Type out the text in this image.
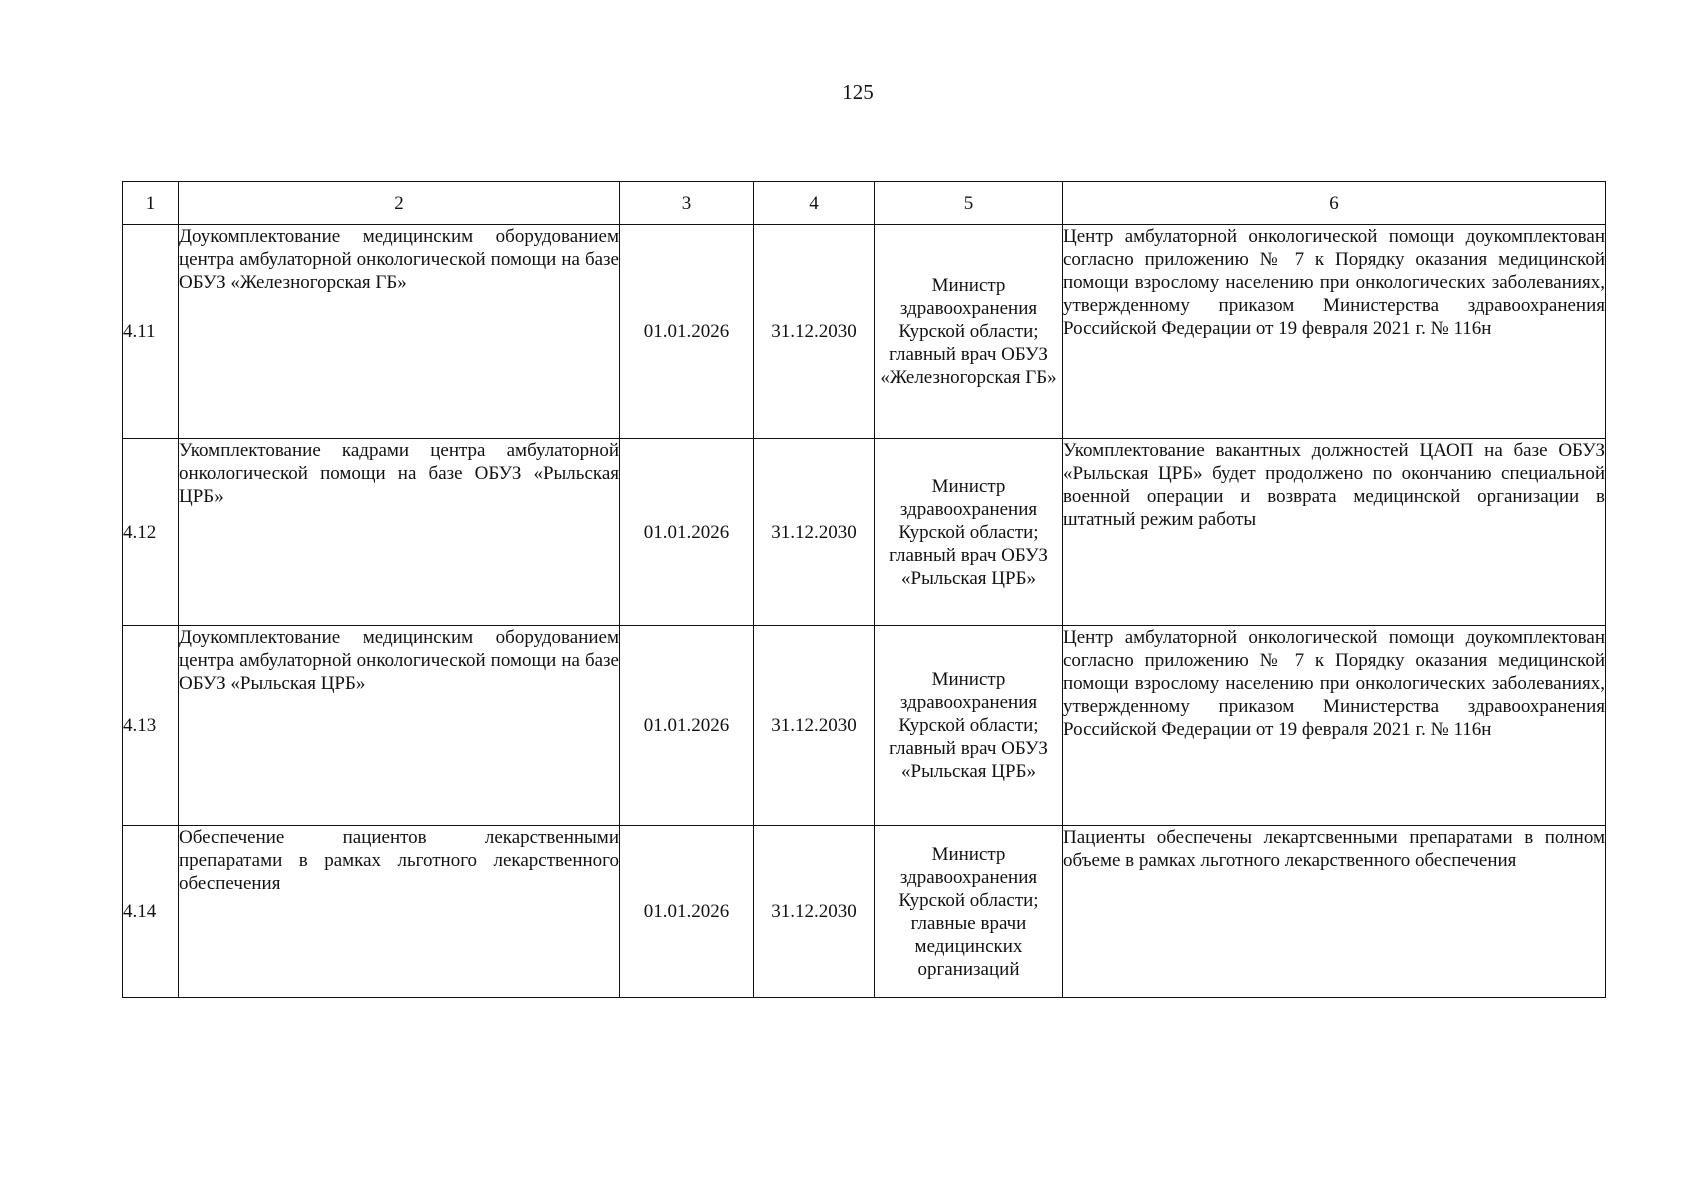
125
1	2	3	4	5	6
4.11	Доукомплектование медицинским оборудованием центра амбулаторной онкологической помощи на базе ОБУЗ «Железногорская ГБ»	01.01.2026	31.12.2030	Министр здравоохранения Курской области; главный врач ОБУЗ «Железногорская ГБ»	Центр амбулаторной онкологической помощи доукомплектован согласно приложению № 7 к Порядку оказания медицинской помощи взрослому населению при онкологических заболеваниях, утвержденному приказом Министерства здравоохранения Российской Федерации от 19 февраля 2021 г. № 116н
4.12	Укомплектование кадрами центра амбулаторной онкологической помощи на базе ОБУЗ «Рыльская ЦРБ»	01.01.2026	31.12.2030	Министр здравоохранения Курской области; главный врач ОБУЗ «Рыльская ЦРБ»	Укомплектование вакантных должностей ЦАОП на базе ОБУЗ «Рыльская ЦРБ» будет продолжено по окончанию специальной военной операции и возврата медицинской организации в штатный режим работы
4.13	Доукомплектование медицинским оборудованием центра амбулаторной онкологической помощи на базе ОБУЗ «Рыльская ЦРБ»	01.01.2026	31.12.2030	Министр здравоохранения Курской области; главный врач ОБУЗ «Рыльская ЦРБ»	Центр амбулаторной онкологической помощи доукомплектован согласно приложению № 7 к Порядку оказания медицинской помощи взрослому населению при онкологических заболеваниях, утвержденному приказом Министерства здравоохранения Российской Федерации от 19 февраля 2021 г. № 116н
4.14	Обеспечение пациентов лекарственными препаратами в рамках льготного лекарственного обеспечения	01.01.2026	31.12.2030	Министр здравоохранения Курской области; главные врачи медицинских организаций	Пациенты обеспечены лекартсвенными препаратами в полном объеме в рамках льготного лекарственного обеспечения
